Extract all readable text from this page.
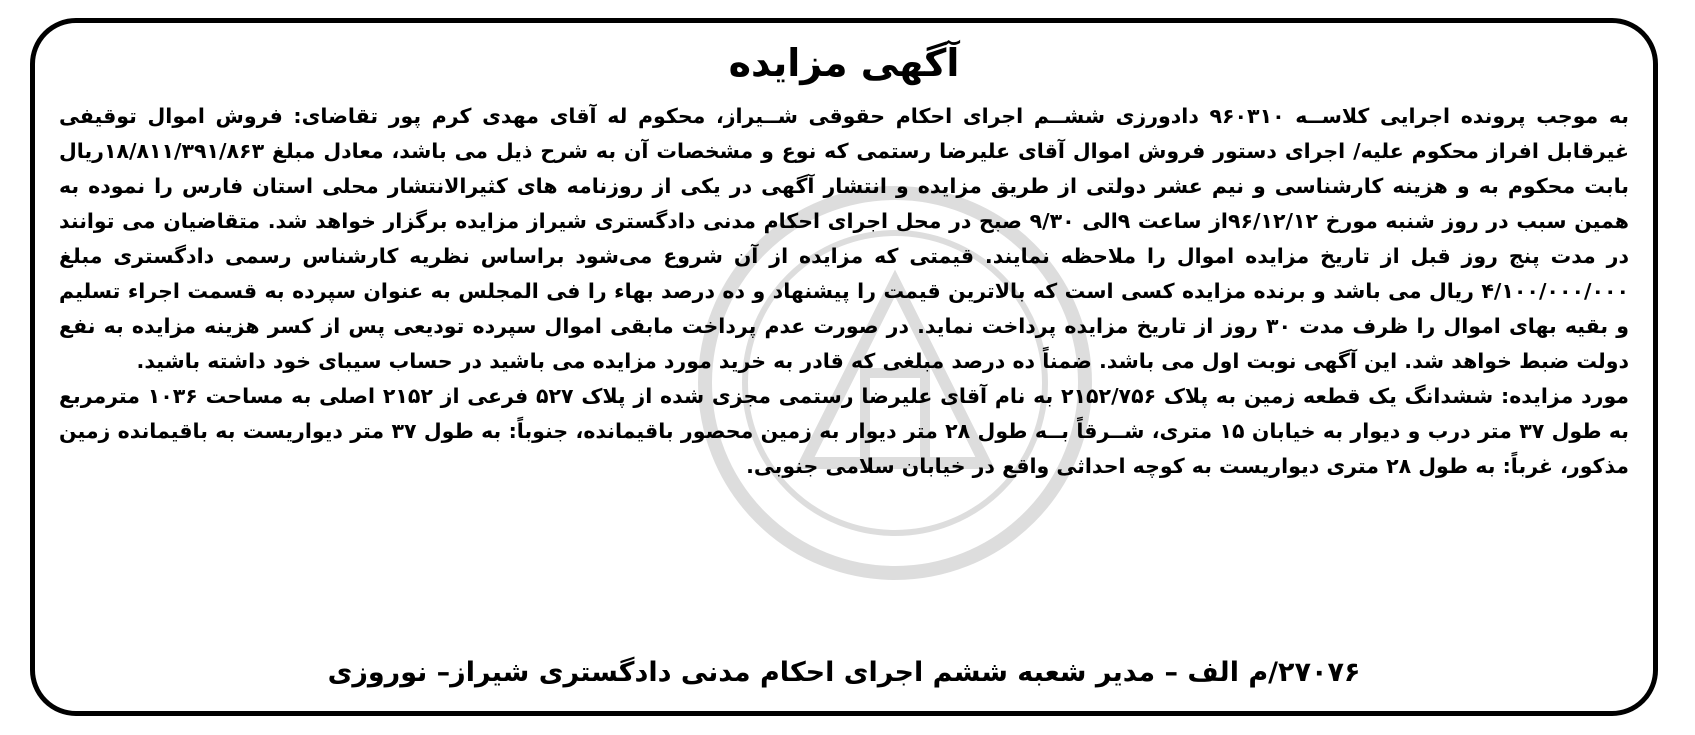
آگهی مزایده

به موجب پرونده اجرایی کلاســه ۹۶۰۳۱۰ دادورزی ششــم اجرای احکام حقوقی شــیراز، محکوم له آقای مهدی کرم پور تقاضای: فروش اموال توقیفی غیرقابل افراز محکوم علیه/ اجرای دستور فروش اموال آقای علیرضا رستمی که نوع و مشخصات آن به شرح ذیل می باشد، معادل مبلغ ۱۸/۸۱۱/۳۹۱/۸۶۳ریال بابت محکوم به و هزینه کارشناسی و نیم عشر دولتی از طریق مزایده و انتشار آگهی در یکی از روزنامه های کثیرالانتشار محلی استان فارس را نموده به همین سبب در روز شنبه مورخ ۹۶/۱۲/۱۲از ساعت ۹الی ۹/۳۰ صبح در محل اجرای احکام مدنی دادگستری شیراز مزایده برگزار خواهد شد. متقاضیان می توانند در مدت پنج روز قبل از تاریخ مزایده اموال را ملاحظه نمایند. قیمتی که مزایده از آن شروع می‌شود براساس نظریه کارشناس رسمی دادگستری مبلغ ۴/۱۰۰/۰۰۰/۰۰۰ ریال می باشد و برنده مزایده کسی است که بالاترین قیمت را پیشنهاد و ده درصد بهاء را فی المجلس به عنوان سپرده به قسمت اجراء تسلیم و بقیه بهای اموال را ظرف مدت ۳۰ روز از تاریخ مزایده پرداخت نماید. در صورت عدم پرداخت مابقی اموال سپرده تودیعی پس از کسر هزینه مزایده به نفع دولت ضبط خواهد شد. این آگهی نوبت اول می باشد. ضمناً ده درصد مبلغی که قادر به خرید مورد مزایده می باشید در حساب سیبای خود داشته باشید.

مورد مزایده: ششدانگ یک قطعه زمین به پلاک ۲۱۵۲/۷۵۶ به نام آقای علیرضا رستمی مجزی شده از پلاک ۵۲۷ فرعی از ۲۱۵۲ اصلی به مساحت ۱۰۳۶ مترمربع به طول ۳۷ متر درب و دیوار به خیابان ۱۵ متری، شــرقاً بــه طول ۲۸ متر دیوار به زمین محصور باقیمانده، جنوباً: به طول ۳۷ متر دیواریست به باقیمانده زمین مذکور، غرباً: به طول ۲۸ متری دیواریست به کوچه احداثی واقع در خیابان سلامی جنوبی.

۲۷۰۷۶/م الف – مدیر شعبه ششم اجرای احکام مدنی دادگستری شیراز– نوروزی
